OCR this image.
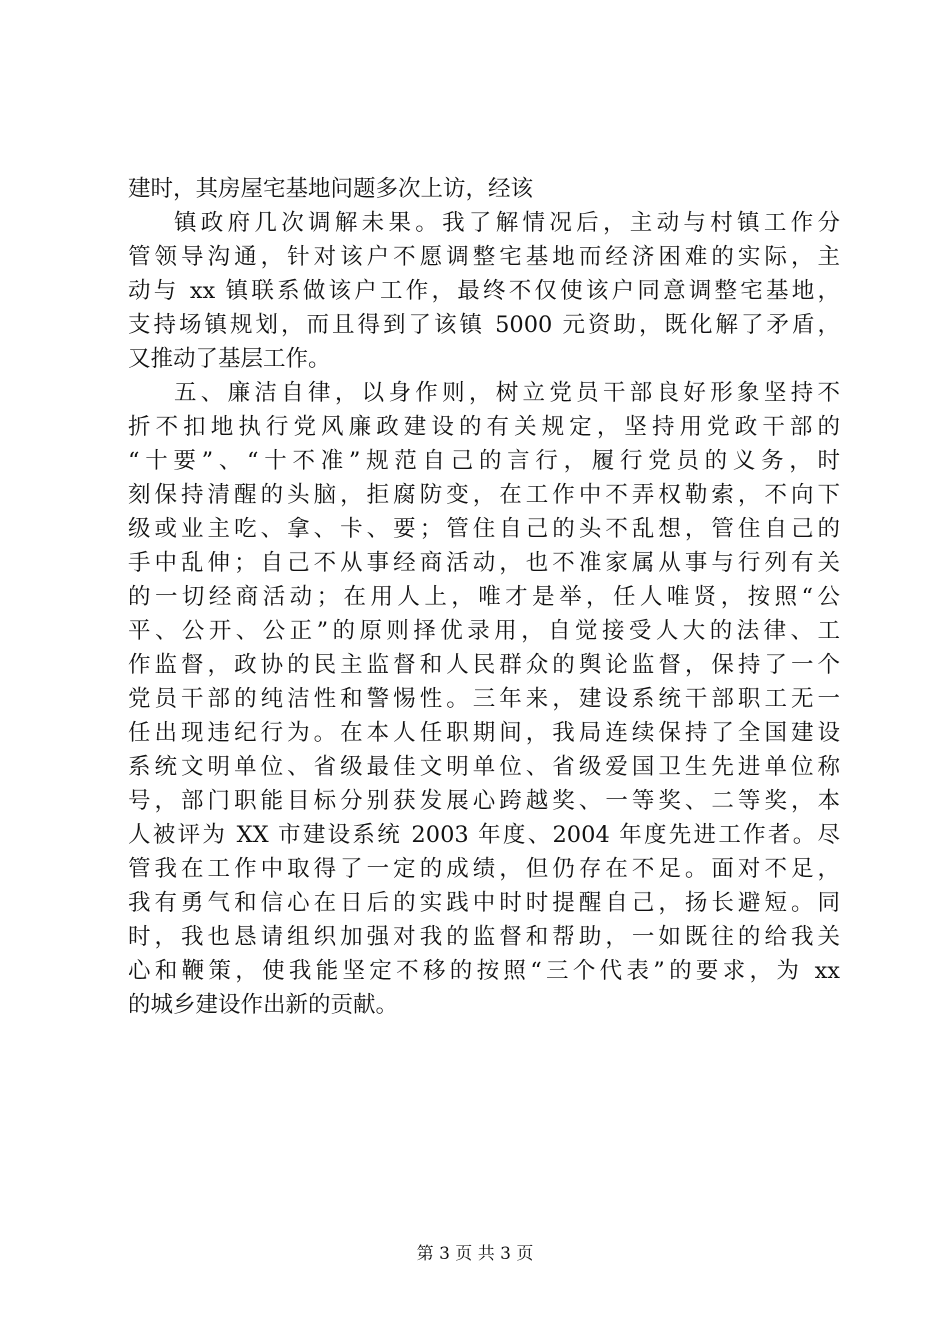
建时，其房屋宅基地问题多次上访，经该
镇政府几次调解未果。我了解情况后，主动与村镇工作分
管领导沟通，针对该户不愿调整宅基地而经济困难的实际，主
动与 xx 镇联系做该户工作，最终不仅使该户同意调整宅基地，
支持场镇规划，而且得到了该镇 5000 元资助，既化解了矛盾，
又推动了基层工作。
五、廉洁自律，以身作则，树立党员干部良好形象坚持不
折不扣地执行党风廉政建设的有关规定，坚持用党政干部的
“十要”、“十不准”规范自己的言行，履行党员的义务，时
刻保持清醒的头脑，拒腐防变，在工作中不弄权勒索，不向下
级或业主吃、拿、卡、要；管住自己的头不乱想，管住自己的
手中乱伸；自己不从事经商活动，也不准家属从事与行列有关
的一切经商活动；在用人上，唯才是举，任人唯贤，按照“公
平、公开、公正”的原则择优录用，自觉接受人大的法律、工
作监督，政协的民主监督和人民群众的舆论监督，保持了一个
党员干部的纯洁性和警惕性。三年来，建设系统干部职工无一
任出现违纪行为。在本人任职期间，我局连续保持了全国建设
系统文明单位、省级最佳文明单位、省级爱国卫生先进单位称
号，部门职能目标分别获发展心跨越奖、一等奖、二等奖，本
人被评为 XX 市建设系统 2003 年度、2004 年度先进工作者。尽
管我在工作中取得了一定的成绩，但仍存在不足。面对不足，
我有勇气和信心在日后的实践中时时提醒自己，扬长避短。同
时，我也恳请组织加强对我的监督和帮助，一如既往的给我关
心和鞭策，使我能坚定不移的按照“三个代表”的要求，为 xx
的城乡建设作出新的贡献。
第 3 页 共 3 页
